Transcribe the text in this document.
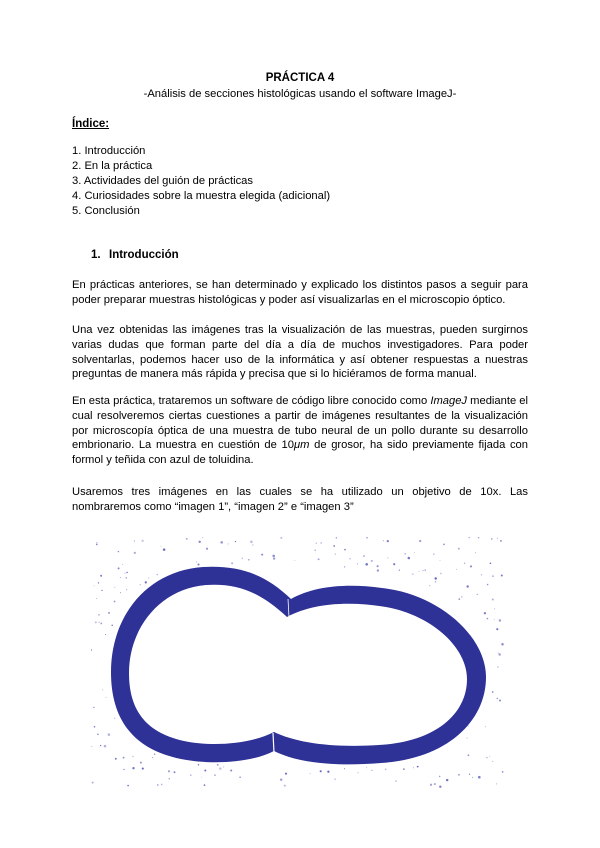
PRÁCTICA 4
-Análisis de secciones histológicas usando el software ImageJ-
Índice:
1. Introducción
2. En la práctica
3. Actividades del guión de prácticas
4. Curiosidades sobre la muestra elegida (adicional)
5. Conclusión
1. Introducción

En prácticas anteriores, se han determinado y explicado los distintos pasos a seguir para poder preparar muestras histológicas y poder así visualizarlas en el microscopio óptico.

Una vez obtenidas las imágenes tras la visualización de las muestras, pueden surgirnos varias dudas que forman parte del día a día de muchos investigadores. Para poder solventarlas, podemos hacer uso de la informática y así obtener respuestas a nuestras preguntas de manera más rápida y precisa que si lo hiciéramos de forma manual.

En esta práctica, trataremos un software de código libre conocido como ImageJ mediante el cual resolveremos ciertas cuestiones a partir de imágenes resultantes de la visualización por microscopía óptica de una muestra de tubo neural de un pollo durante su desarrollo embrionario. La muestra en cuestión de 10μm de grosor, ha sido previamente fijada con formol y teñida con azul de toluidina.

Usaremos tres imágenes en las cuales se ha utilizado un objetivo de 10x. Las nombraremos como “imagen 1”, “imagen 2” e “imagen 3”
